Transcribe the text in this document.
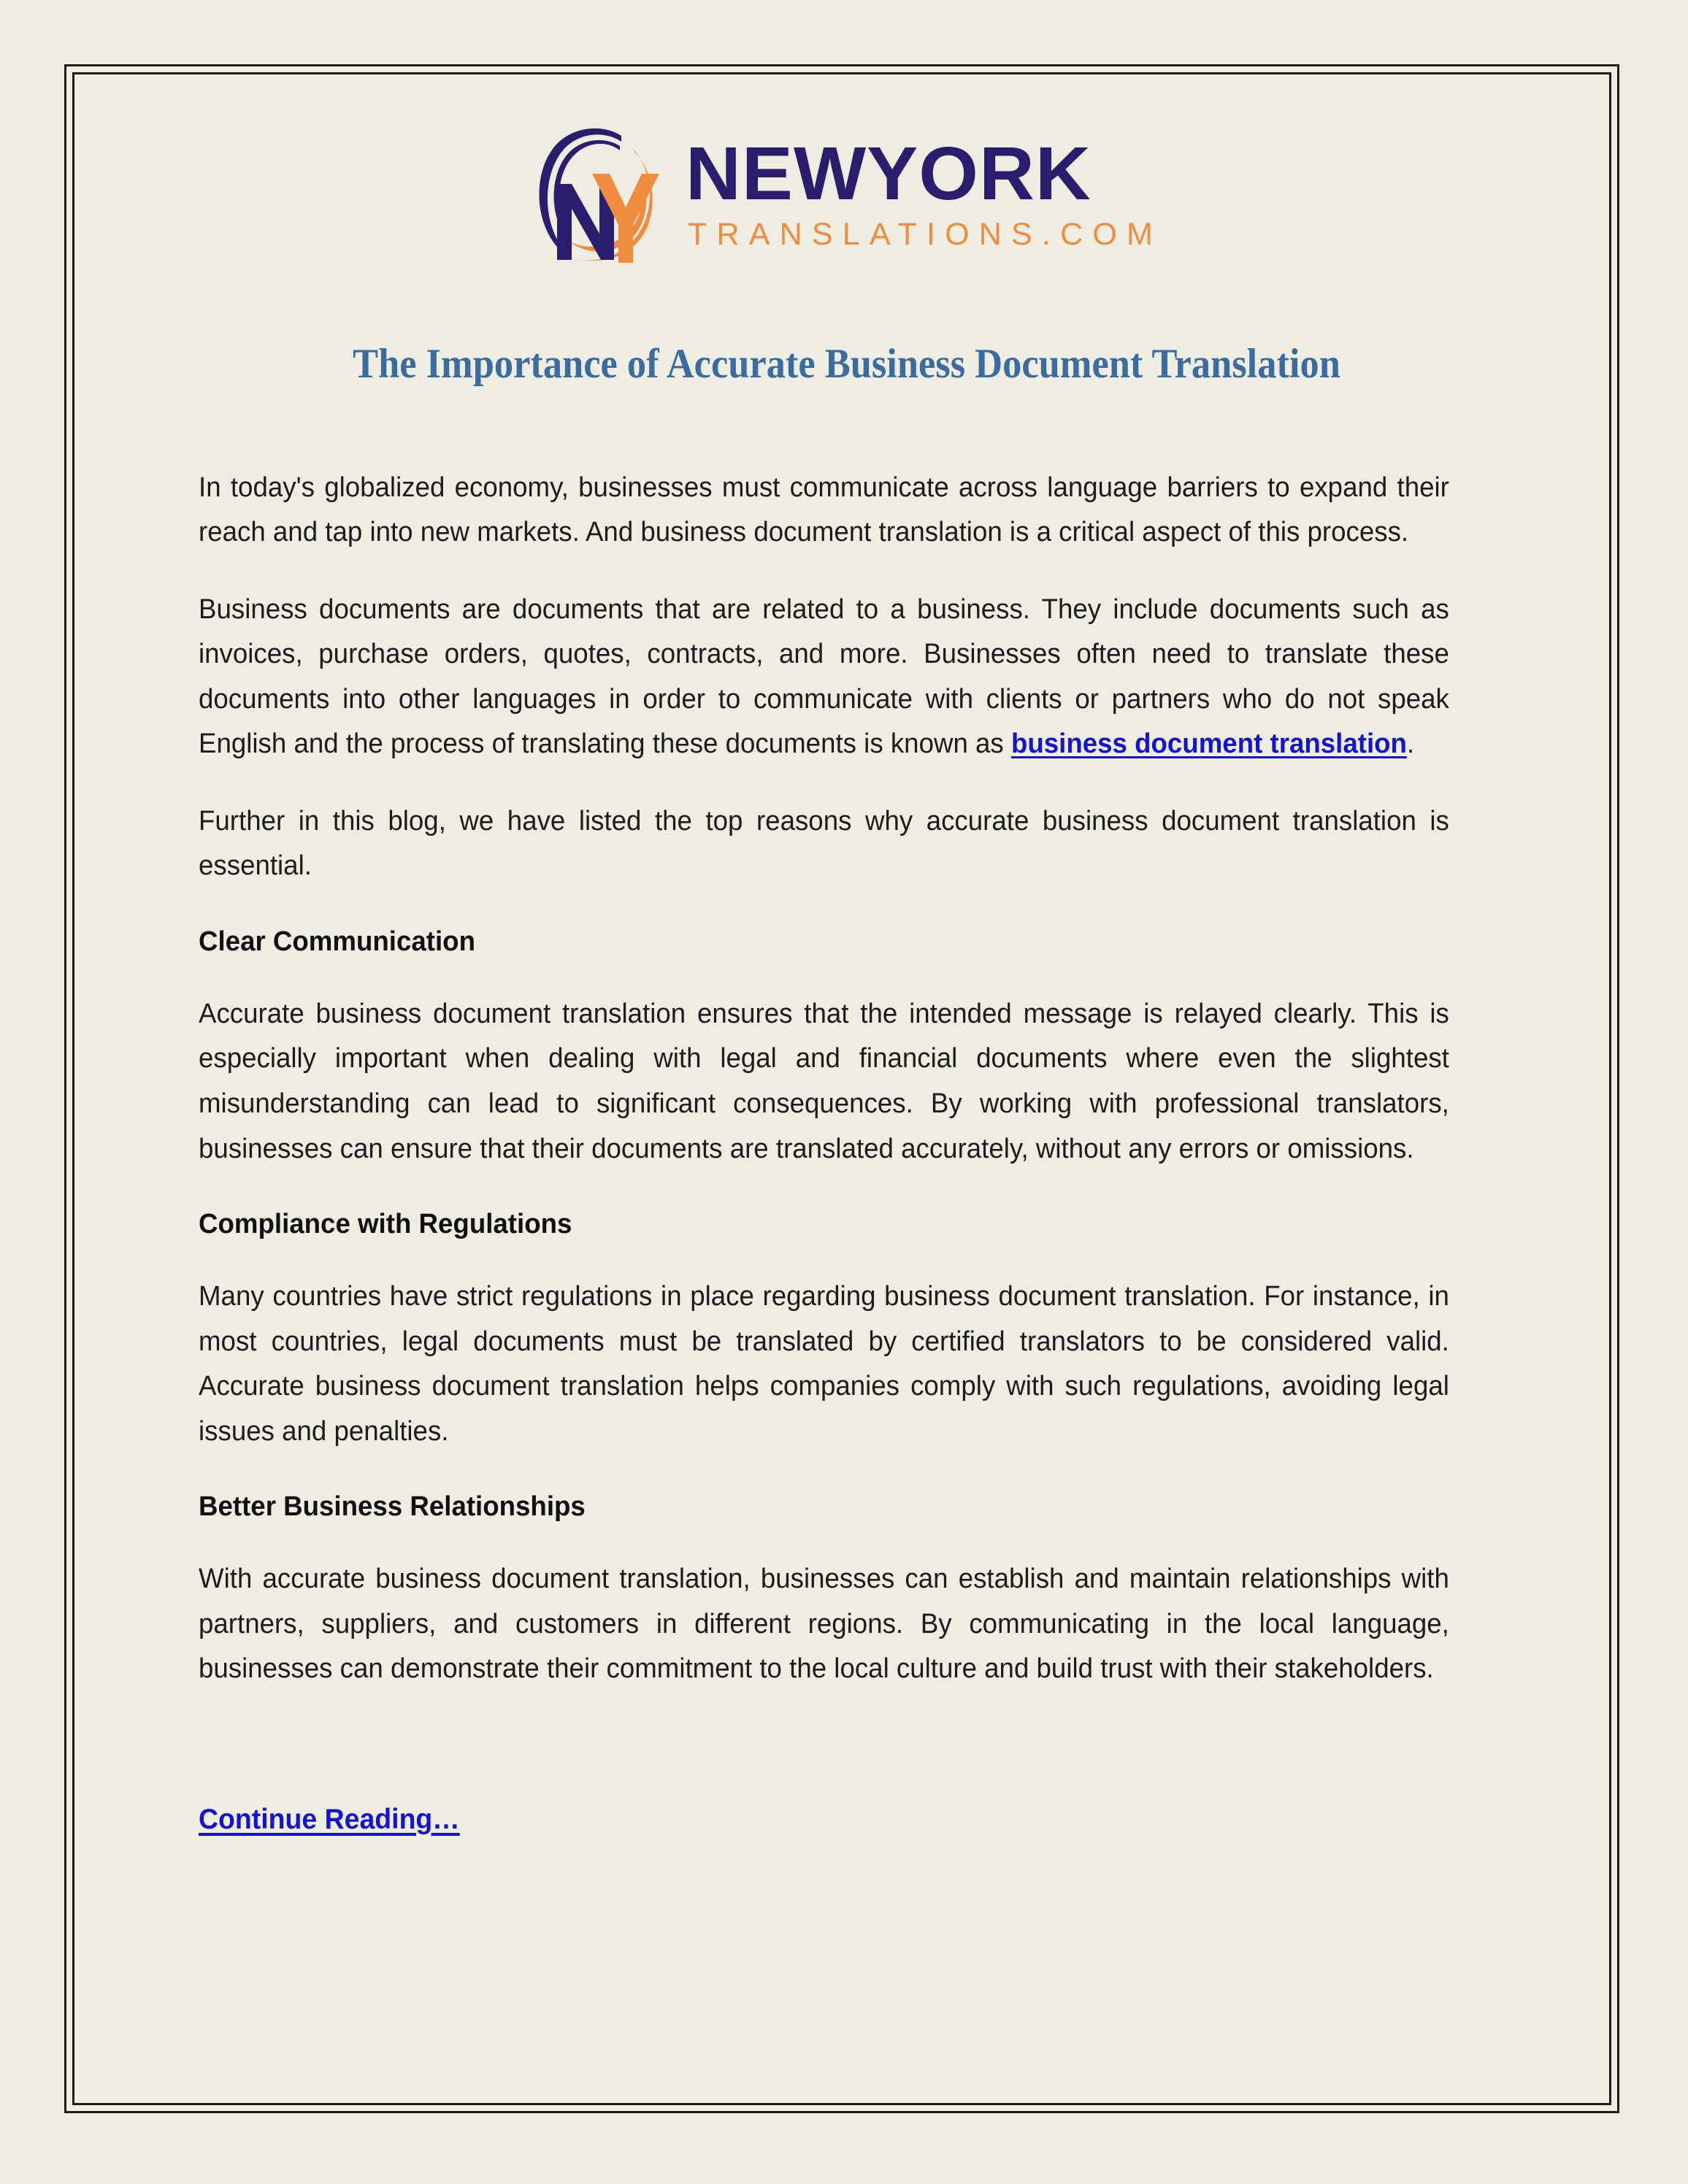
NEWYORK
TRANSLATIONS.COM
The Importance of Accurate Business Document Translation

In today's globalized economy, businesses must communicate across language barriers to expand their reach and tap into new markets. And business document translation is a critical aspect of this process.

Business documents are documents that are related to a business. They include documents such as invoices, purchase orders, quotes, contracts, and more. Businesses often need to translate these documents into other languages in order to communicate with clients or partners who do not speak English and the process of translating these documents is known as business document translation.

Further in this blog, we have listed the top reasons why accurate business document translation is essential.

Clear Communication

Accurate business document translation ensures that the intended message is relayed clearly. This is especially important when dealing with legal and financial documents where even the slightest misunderstanding can lead to significant consequences. By working with professional translators, businesses can ensure that their documents are translated accurately, without any errors or omissions.

Compliance with Regulations

Many countries have strict regulations in place regarding business document translation. For instance, in most countries, legal documents must be translated by certified translators to be considered valid. Accurate business document translation helps companies comply with such regulations, avoiding legal issues and penalties.

Better Business Relationships

With accurate business document translation, businesses can establish and maintain relationships with partners, suppliers, and customers in different regions. By communicating in the local language, businesses can demonstrate their commitment to the local culture and build trust with their stakeholders.

Continue Reading…
